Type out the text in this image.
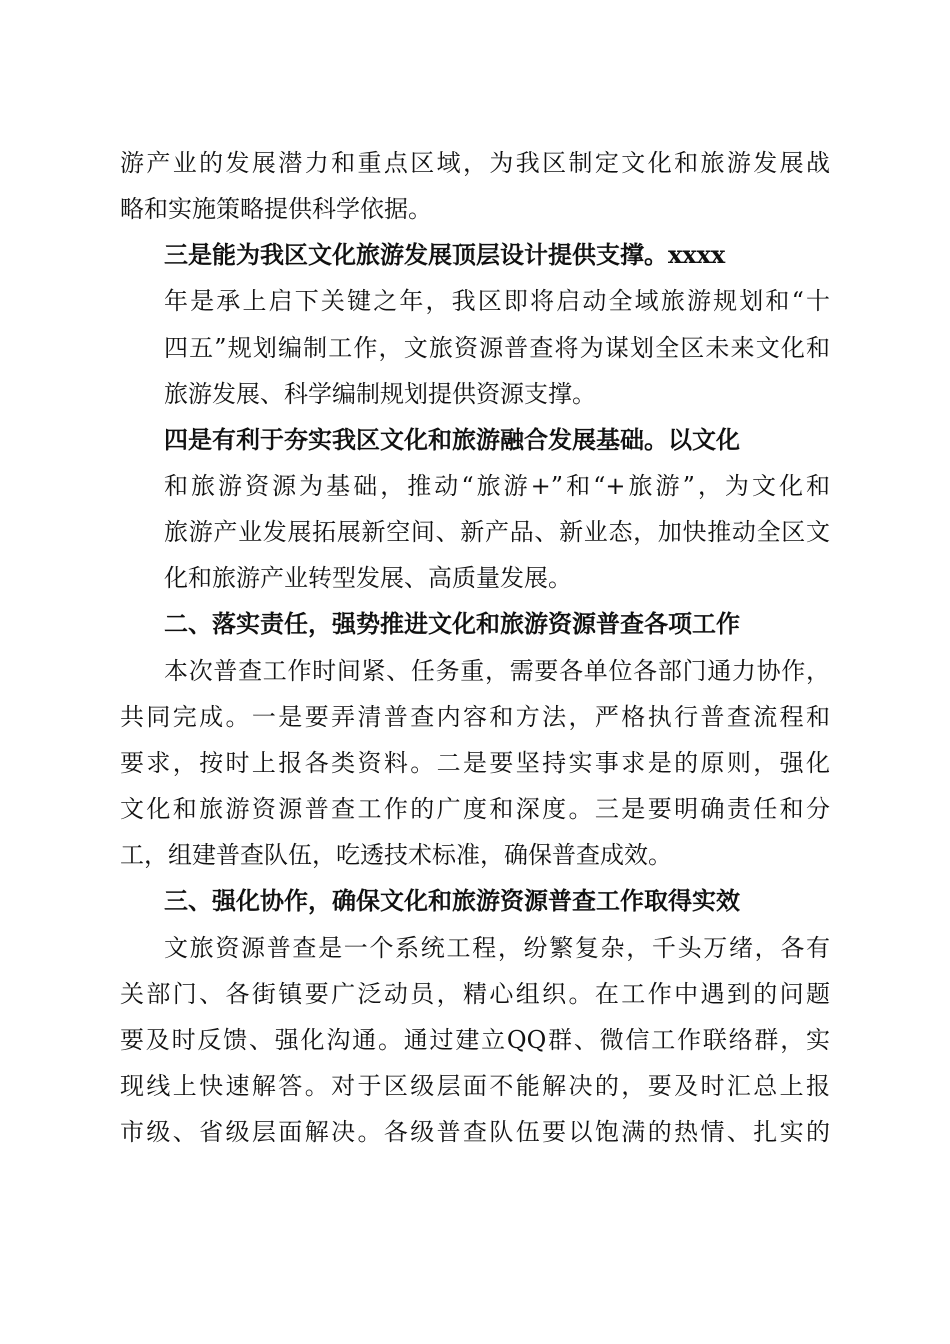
游产业的发展潜力和重点区域，为我区制定文化和旅游发展战
略和实施策略提供科学依据。
三是能为我区文化旅游发展顶层设计提供支撑。xxxx
年是承上启下关键之年，我区即将启动全域旅游规划和“十
四五”规划编制工作，文旅资源普查将为谋划全区未来文化和
旅游发展、科学编制规划提供资源支撑。
四是有利于夯实我区文化和旅游融合发展基础。以文化
和旅游资源为基础，推动“旅游+”和“+旅游”，为文化和
旅游产业发展拓展新空间、新产品、新业态，加快推动全区文
化和旅游产业转型发展、高质量发展。
二、落实责任，强势推进文化和旅游资源普查各项工作
本次普查工作时间紧、任务重，需要各单位各部门通力协作，
共同完成。一是要弄清普查内容和方法，严格执行普查流程和
要求，按时上报各类资料。二是要坚持实事求是的原则，强化
文化和旅游资源普查工作的广度和深度。三是要明确责任和分
工，组建普查队伍，吃透技术标准，确保普查成效。
三、强化协作，确保文化和旅游资源普查工作取得实效
文旅资源普查是一个系统工程，纷繁复杂，千头万绪，各有
关部门、各街镇要广泛动员，精心组织。在工作中遇到的问题
要及时反馈、强化沟通。通过建立QQ群、微信工作联络群，实
现线上快速解答。对于区级层面不能解决的，要及时汇总上报
市级、省级层面解决。各级普查队伍要以饱满的热情、扎实的
